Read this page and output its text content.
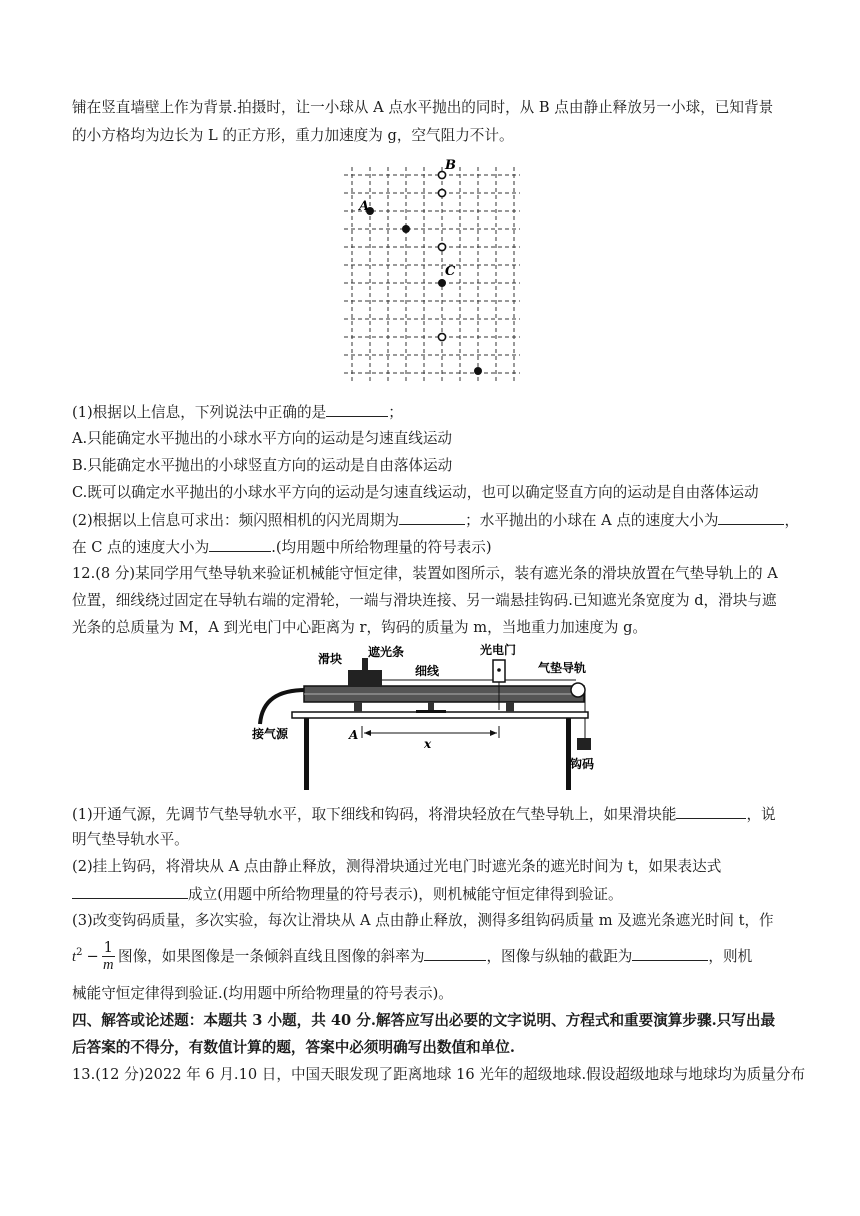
铺在竖直墙壁上作为背景.拍摄时，让一小球从 A 点水平抛出的同时，从 B 点由静止释放另一小球，已知背景
的小方格均为边长为 L 的正方形，重力加速度为 g，空气阻力不计。
B
A
C
(1)根据以上信息，下列说法中正确的是	；
A.只能确定水平抛出的小球水平方向的运动是匀速直线运动
B.只能确定水平抛出的小球竖直方向的运动是自由落体运动
C.既可以确定水平抛出的小球水平方向的运动是匀速直线运动，也可以确定竖直方向的运动是自由落体运动
(2)根据以上信息可求出：频闪照相机的闪光周期为	；水平抛出的小球在 A 点的速度大小为	，
在 C 点的速度大小为	.(均用题中所给物理量的符号表示)
12.(8 分)某同学用气垫导轨来验证机械能守恒定律，装置如图所示，装有遮光条的滑块放置在气垫导轨上的 A
位置，细线绕过固定在导轨右端的定滑轮，一端与滑块连接、另一端悬挂钩码.已知遮光条宽度为 d，滑块与遮
光条的总质量为 M，A 到光电门中心距离为 r，钩码的质量为 m，当地重力加速度为 g。
滑块 遮光条
细线
光电门
气垫导轨
接气源	A
x
钩码
(1)开通气源，先调节气垫导轨水平，取下细线和钩码，将滑块轻放在气垫导轨上，如果滑块能	，说
明气垫导轨水平。
(2)挂上钩码，将滑块从 A 点由静止释放，测得滑块通过光电门时遮光条的遮光时间为 t，如果表达式
成立(用题中所给物理量的符号表示)，则机械能守恒定律得到验证。
(3)改变钩码质量，多次实验，每次让滑块从 A 点由静止释放，测得多组钩码质量 m 及遮光条遮光时间 t，作
$t^2 - \frac{1}{m}$ 图像，如果图像是一条倾斜直线且图像的斜率为	，图像与纵轴的截距为	，则机
械能守恒定律得到验证.(均用题中所给物理量的符号表示)。
四、解答或论述题：本题共 3 小题，共 40 分.解答应写出必要的文字说明、方程式和重要演算步骤.只写出最
后答案的不得分，有数值计算的题，答案中必须明确写出数值和单位.
13.(12 分)2022 年 6 月.10 日，中国天眼发现了距离地球 16 光年的超级地球.假设超级地球与地球均为质量分布
